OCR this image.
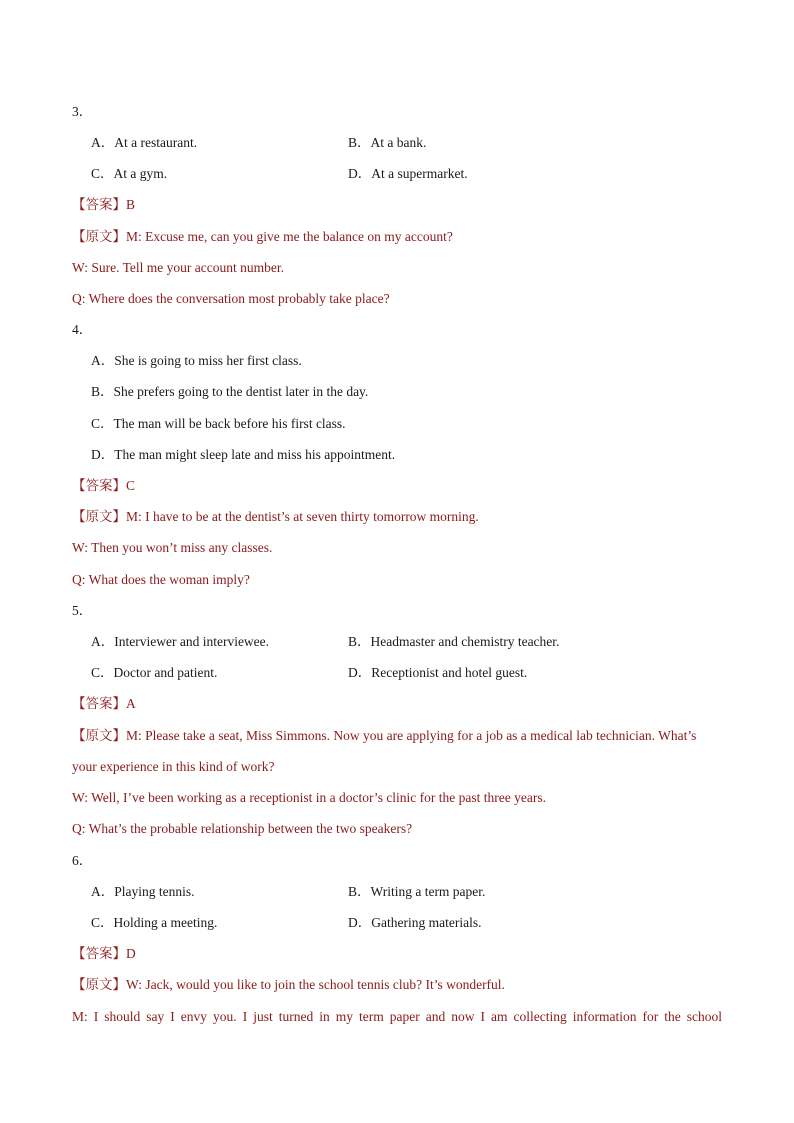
3．
A．At a restaurant.	B．At a bank.
C．At a gym.	D．At a supermarket.
【答案】B
【原文】M: Excuse me, can you give me the balance on my account?
W: Sure. Tell me your account number.
Q: Where does the conversation most probably take place?
4．
A．She is going to miss her first class.
B．She prefers going to the dentist later in the day.
C．The man will be back before his first class.
D．The man might sleep late and miss his appointment.
【答案】C
【原文】M: I have to be at the dentist’s at seven thirty tomorrow morning.
W: Then you won’t miss any classes.
Q: What does the woman imply?
5．
A．Interviewer and interviewee.	B．Headmaster and chemistry teacher.
C．Doctor and patient.	D．Receptionist and hotel guest.
【答案】A
【原文】M: Please take a seat, Miss Simmons. Now you are applying for a job as a medical lab technician. What’s
your experience in this kind of work?
W: Well, I’ve been working as a receptionist in a doctor’s clinic for the past three years.
Q: What’s the probable relationship between the two speakers?
6．
A．Playing tennis.	B．Writing a term paper.
C．Holding a meeting.	D．Gathering materials.
【答案】D
【原文】W: Jack, would you like to join the school tennis club? It’s wonderful.
M: I should say I envy you. I just turned in my term paper and now I am collecting information for the school
